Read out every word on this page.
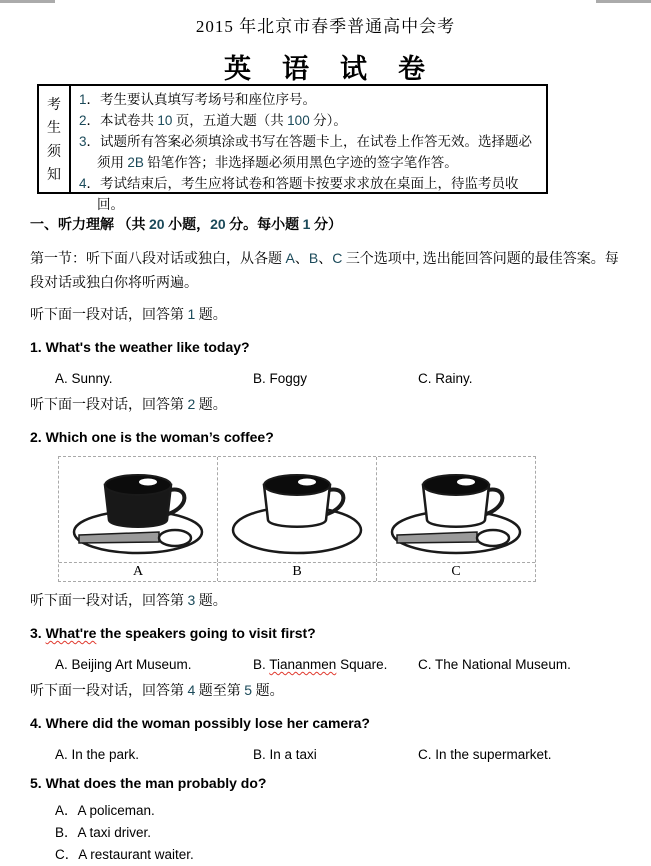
2015 年北京市春季普通高中会考
英　语　试　卷
考
生
须
知
1．考生要认真填写考场号和座位序号。
2．本试卷共 10 页，五道大题（共 100 分）。
3．试题所有答案必须填涂或书写在答题卡上，在试卷上作答无效。选择题必须用 2B 铅笔作答；非选择题必须用黑色字迹的签字笔作答。
4．考试结束后，考生应将试卷和答题卡按要求求放在桌面上，待监考员收回。
一、听力理解 （共 20 小题，20 分。每小题 1 分）
第一节：听下面八段对话或独白，从各题 A、B、C 三个选项中, 选出能回答问题的最佳答案。每段对话或独白你将听两遍。
听下面一段对话，回答第 1 题。
1. What's the weather like today?
A. Sunny.	B. Foggy	C. Rainy.
听下面一段对话，回答第 2 题。
2. Which one is the woman’s coffee?
A	B	C
听下面一段对话，回答第 3 题。
3. What're the speakers going to visit first?
A. Beijing Art Museum.	B. Tiananmen Square.	C. The National Museum.
听下面一段对话，回答第 4 题至第 5 题。
4. Where did the woman possibly lose her camera?
A. In the park.	B. In a taxi	C. In the supermarket.
5. What does the man probably do?
A．A policeman.
B．A taxi driver.
C．A restaurant waiter.
